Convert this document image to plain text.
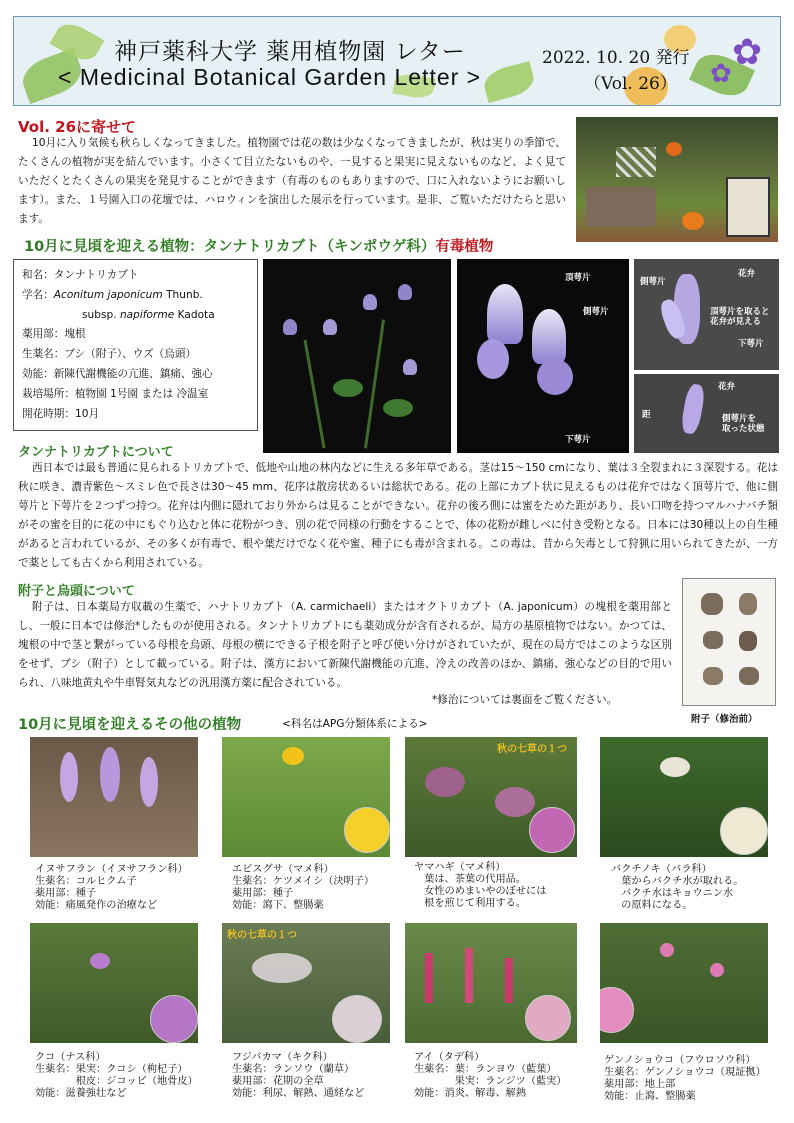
✿
✿
神戸薬科大学 薬用植物園 レター
< Medicinal Botanical Garden Letter >
2022. 10. 20 発行
（Vol. 26）
Vol. 26に寄せて
10月に入り気候も秋らしくなってきました。植物園では花の数は少なくなってきましたが、秋は実りの季節で、たくさんの植物が実を結んでいます。小さくて目立たないものや、一見すると果実に見えないものなど、よく見ていただくとたくさんの果実を発見することができます（有毒のものもありますので、口に入れないようにお願いします）。また、１号園入口の花壇では、ハロウィンを演出した展示を行っています。是非、ご覧いただけたらと思います。
10月に見頃を迎える植物：タンナトリカブト（キンポウゲ科）有毒植物
和名：タンナトリカブト
学名：Aconitum japonicum Thunb.
subsp. napiforme Kadota
薬用部：塊根
生薬名：ブシ（附子）、ウズ（烏頭）
効能：新陳代謝機能の亢進、鎮痛、強心
栽培場所：植物園 1号園 または 冷温室
開花時期：10月
頂萼片
側萼片
下萼片
側萼片
花弁
頂萼片を取ると
花弁が見える
下萼片
花弁
距	側萼片を
取った状態
タンナトリカブトについて
西日本では最も普通に見られるトリカブトで、低地や山地の林内などに生える多年草である。茎は15～150 cmになり、葉は３全裂まれに３深裂する。花は秋に咲き、濃青紫色～スミレ色で長さは30～45 mm、花序は散房状あるいは総状である。花の上部にカブト状に見えるものは花弁ではなく頂萼片で、他に側萼片と下萼片を２つずつ持つ。花弁は内側に隠れており外からは見ることができない。花弁の後ろ側には蜜をためた距があり、長い口吻を持つマルハナバチ類がその蜜を目的に花の中にもぐり込むと体に花粉がつき、別の花で同様の行動をすることで、体の花粉が雌しべに付き受粉となる。日本には30種以上の自生種があると言われているが、その多くが有毒で、根や葉だけでなく花や蜜、種子にも毒が含まれる。この毒は、昔から矢毒として狩猟に用いられてきたが、一方で薬としても古くから利用されている。
附子と烏頭について
附子は、日本薬局方収載の生薬で、ハナトリカブト（A. carmichaeli）またはオクトリカブト（A. japonicum）の塊根を薬用部とし、一般に日本では修治*したものが使用される。タンナトリカブトにも薬効成分が含有されるが、局方の基原植物ではない。かつては、塊根の中で茎と繋がっている母根を烏頭、母根の横にできる子根を附子と呼び使い分けがされていたが、現在の局方ではこのような区別をせず、ブシ（附子）として載っている。附子は、漢方において新陳代謝機能の亢進、冷えの改善のほか、鎮痛、強心などの目的で用いられ、八味地黄丸や牛車腎気丸などの汎用漢方薬に配合されている。
*修治については裏面をご覧ください。
附子（修治前）
10月に見頃を迎えるその他の植物	<科名はAPG分類体系による>
秋の七草の１つ
イヌサフラン（イヌサフラン科）
生薬名：コルヒクム子
薬用部：種子
効能：痛風発作の治療など
エビスグサ（マメ科）
生薬名：ケツメイシ（決明子）
薬用部：種子
効能：瀉下、整腸薬
ヤマハギ（マメ科）
　葉は、茶葉の代用品。
　女性のめまいやのぼせには
　根を煎じて利用する。
バクチノキ（バラ科）
　葉からバクチ水が取れる。
　バクチ水はキョウニン水
　の原料になる。
秋の七草の１つ
クコ（ナス科）
生薬名：果実：クコシ（枸杞子）
　　　　根皮：ジコッピ（地骨皮）
効能：滋養強壮など
フジバカマ（キク科）
生薬名：ランソウ（蘭草）
薬用部：花期の全草
効能：利尿、解熱、通経など
アイ（タデ科）
生薬名：葉：ランヨウ（藍葉）
　　　　果実：ランジツ（藍実）
効能：消炎、解毒、解熱
ゲンノショウコ（フウロソウ科）
生薬名：ゲンノショウコ（現証拠）
薬用部：地上部
効能：止瀉、整腸薬
